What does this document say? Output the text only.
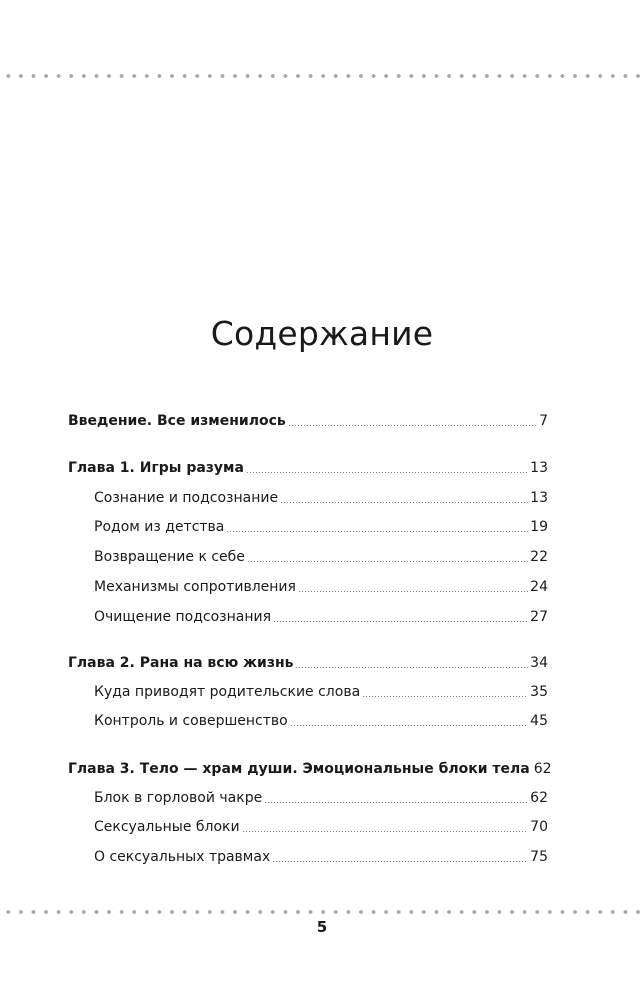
Содержание
Введение. Все изменилось	7
Глава 1. Игры разума	13
Сознание и подсознание	13
Родом из детства	19
Возвращение к себе	22
Механизмы сопротивления	24
Очищение подсознания	27
Глава 2. Рана на всю жизнь	34
Куда приводят родительские слова	35
Контроль и совершенство	45
Глава 3. Тело — храм души. Эмоциональные блоки тела 62
Блок в горловой чакре	62
Сексуальные блоки	70
О сексуальных травмах	75
5
